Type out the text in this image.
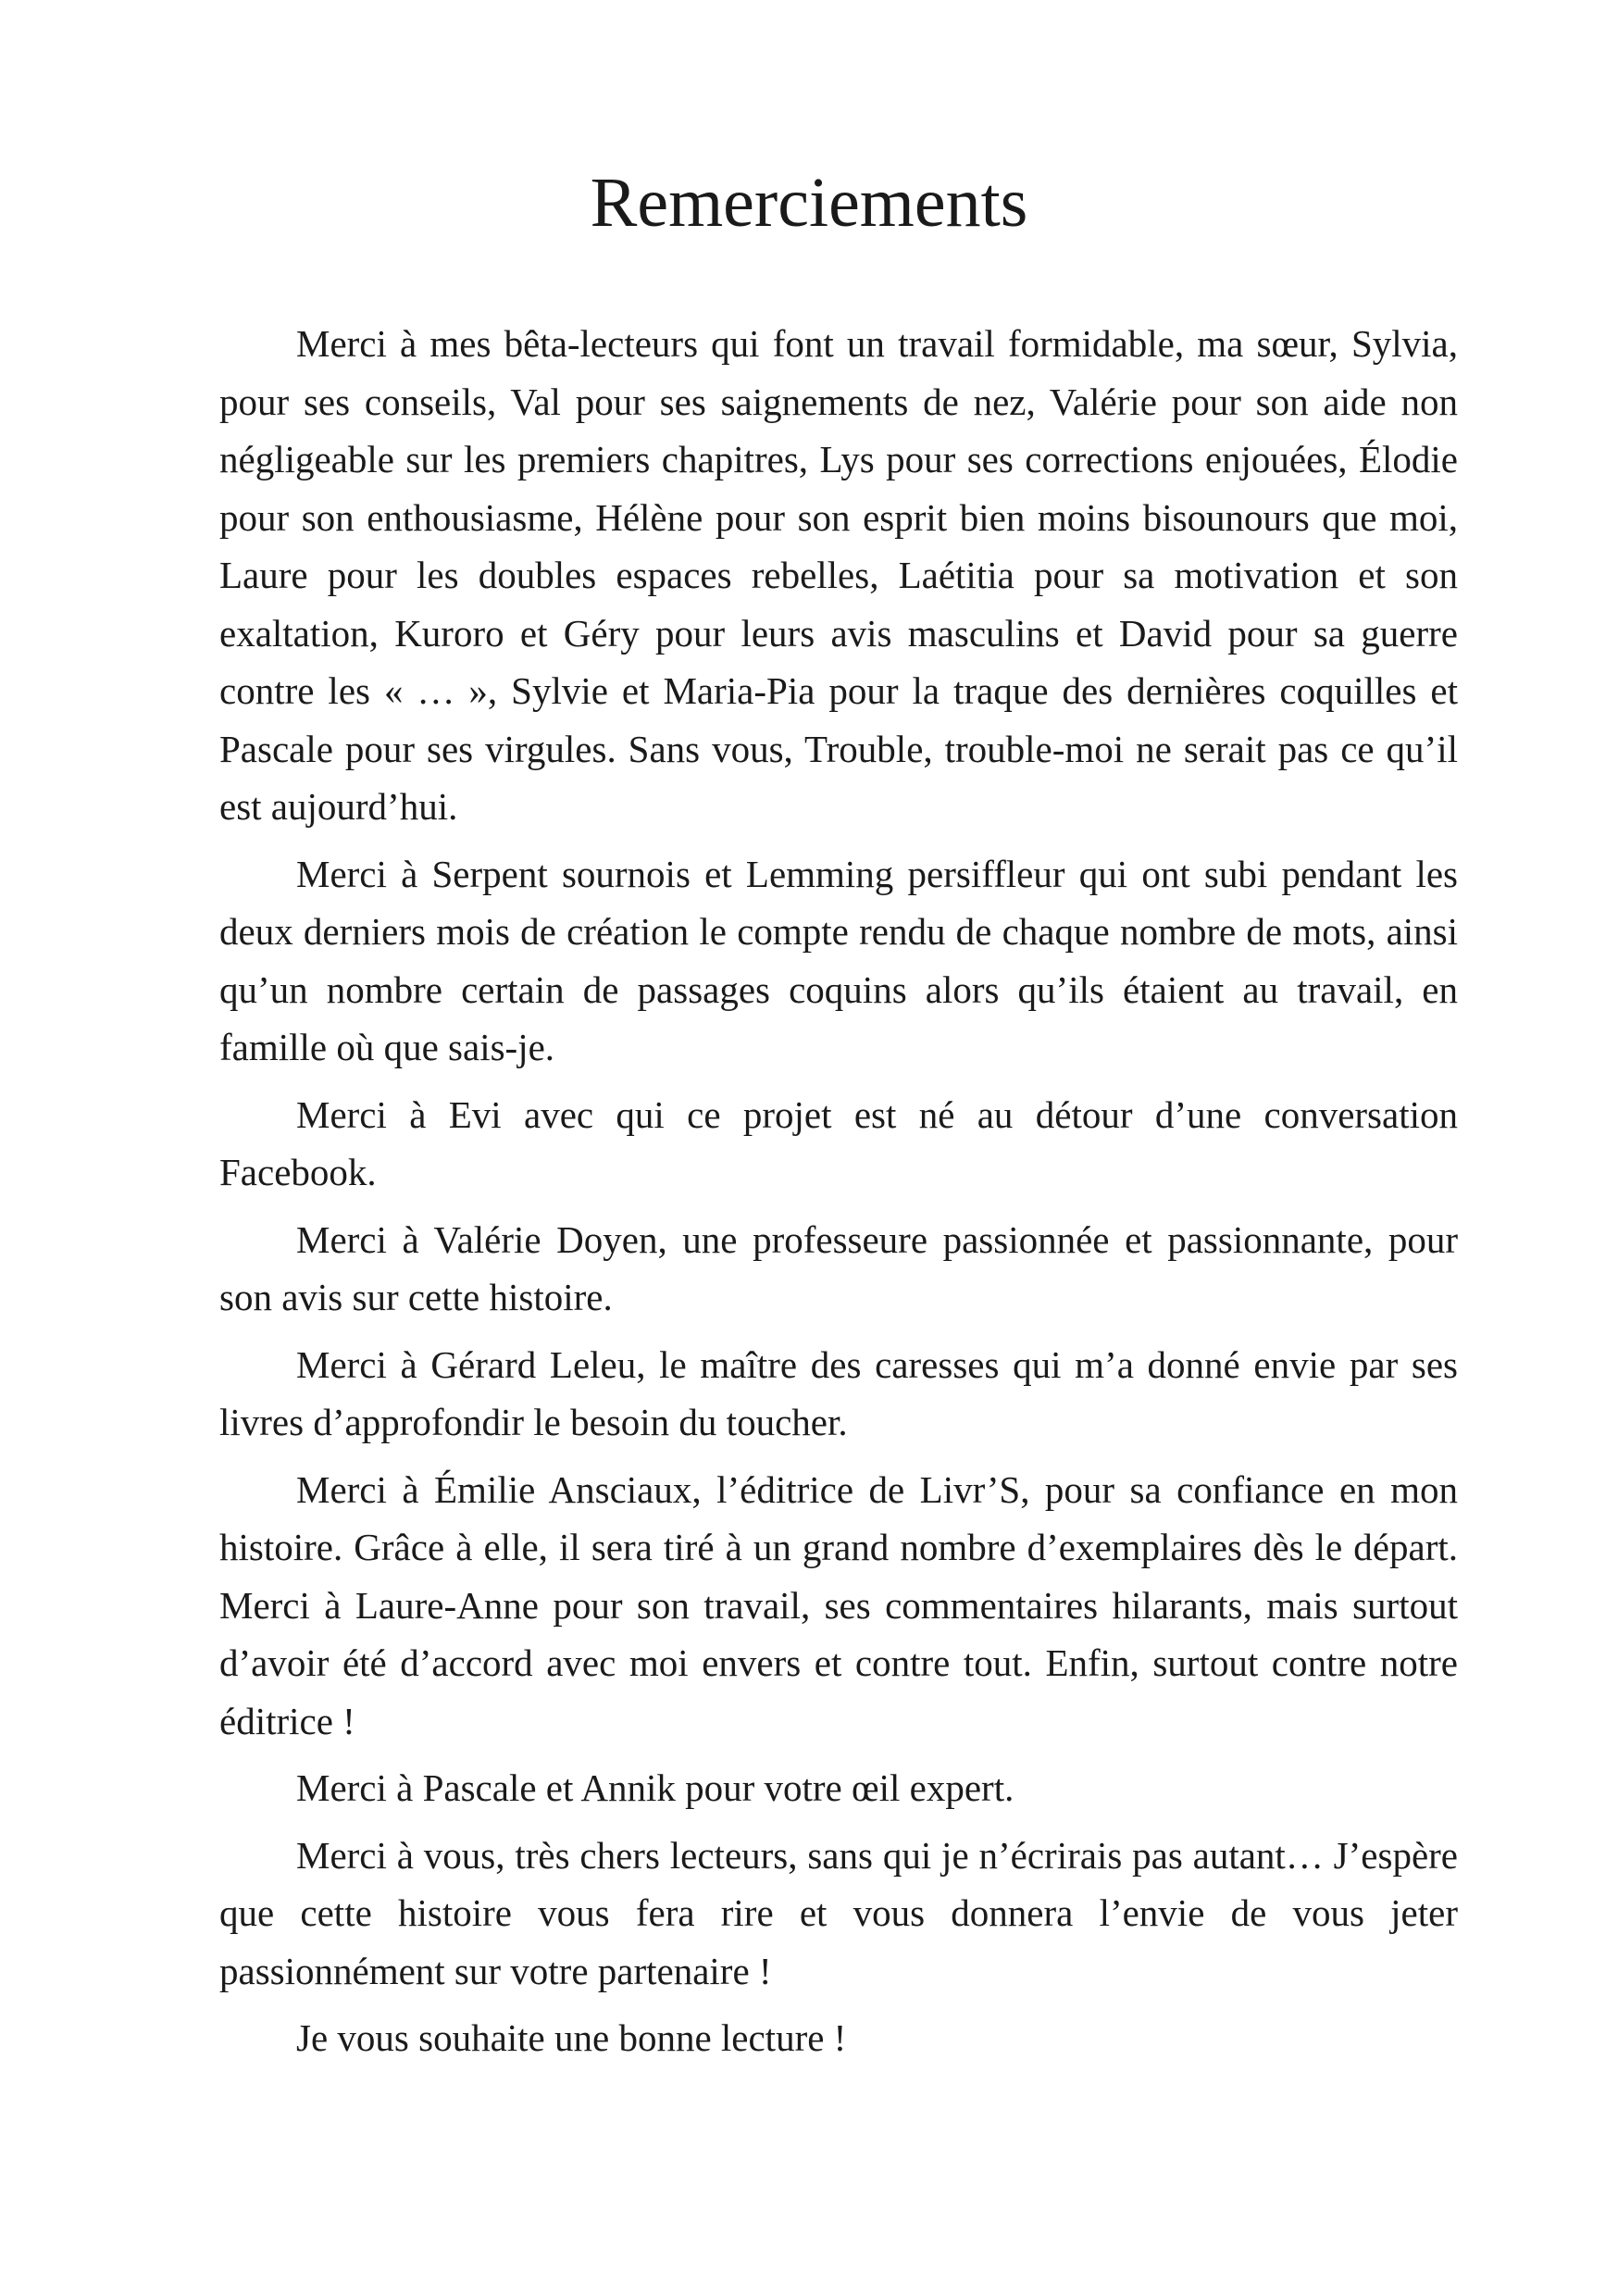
Remerciements

Merci à mes bêta-lecteurs qui font un travail formidable, ma sœur, Sylvia, pour ses conseils, Val pour ses saignements de nez, Valérie pour son aide non négligeable sur les premiers chapitres, Lys pour ses corrections enjouées, Élodie pour son enthousiasme, Hélène pour son esprit bien moins bisounours que moi, Laure pour les doubles espaces rebelles, Laétitia pour sa motivation et son exaltation, Kuroro et Géry pour leurs avis masculins et David pour sa guerre contre les « … », Sylvie et Maria-Pia pour la traque des dernières coquilles et Pascale pour ses virgules. Sans vous, Trouble, trouble-moi ne serait pas ce qu’il est aujourd’hui.

Merci à Serpent sournois et Lemming persiffleur qui ont subi pendant les deux derniers mois de création le compte rendu de chaque nombre de mots, ainsi qu’un nombre certain de passages coquins alors qu’ils étaient au travail, en famille où que sais-je.

Merci à Evi avec qui ce projet est né au détour d’une conversation Facebook.

Merci à Valérie Doyen, une professeure passionnée et passionnante, pour son avis sur cette histoire.

Merci à Gérard Leleu, le maître des caresses qui m’a donné envie par ses livres d’approfondir le besoin du toucher.

Merci à Émilie Ansciaux, l’éditrice de Livr’S, pour sa confiance en mon histoire. Grâce à elle, il sera tiré à un grand nombre d’exemplaires dès le départ. Merci à Laure-Anne pour son travail, ses commentaires hilarants, mais surtout d’avoir été d’accord avec moi envers et contre tout. Enfin, surtout contre notre éditrice !

Merci à Pascale et Annik pour votre œil expert.

Merci à vous, très chers lecteurs, sans qui je n’écrirais pas autant… J’espère que cette histoire vous fera rire et vous donnera l’envie de vous jeter passionnément sur votre partenaire !

Je vous souhaite une bonne lecture !
